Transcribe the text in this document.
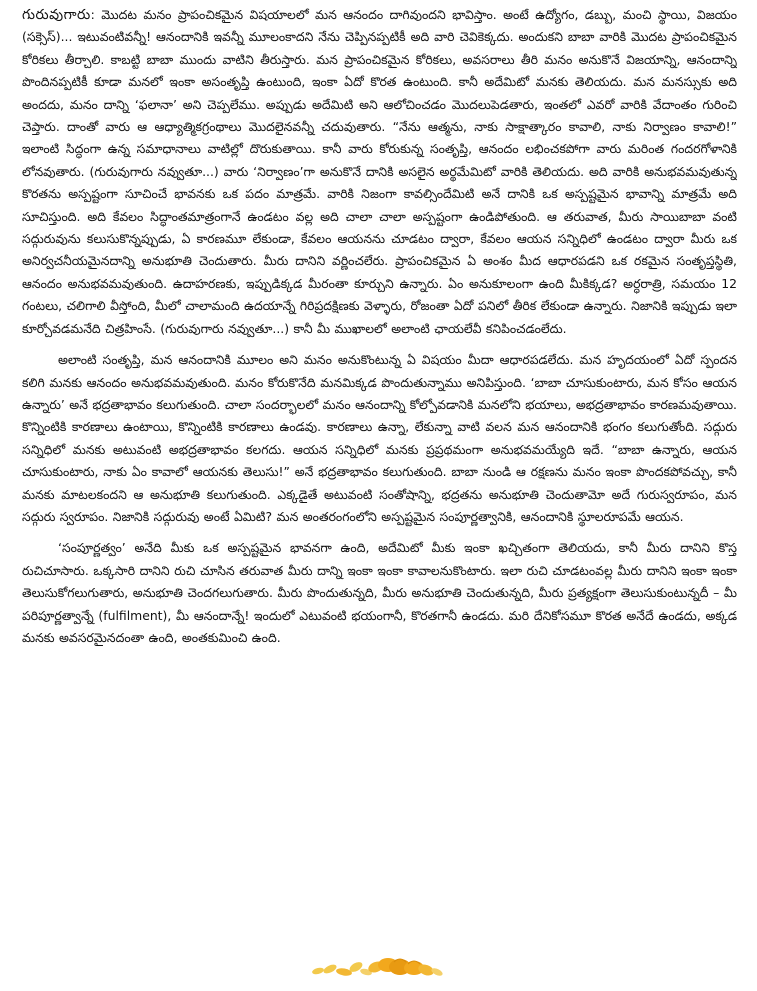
గురువుగారు: మొదట మనం ప్రాపంచికమైన విషయాలలో మన ఆనందం దాగివుందని భావిస్తాం. అంటే ఉద్యోగం, డబ్బు, మంచి స్థాయి, విజయం (సక్సెస్)... ఇటువంటివన్నీ! ఆనందానికి ఇవన్నీ మూలంకాదని నేను చెప్పినప్పటికీ అది వారి చెవికెక్కదు. అందుకని బాబా వారికి మొదట ప్రాపంచికమైన కోరికలు తీర్చాలి. కాబట్టి బాబా ముందు వాటిని తీరుస్తారు. మన ప్రాపంచికమైన కోరికలు, అవసరాలు తీరి మనం అనుకొనే విజయాన్ని, ఆనందాన్ని పొందినప్పటికీ కూడా మనలో ఇంకా అసంతృప్తి ఉంటుంది, ఇంకా ఏదో కొరత ఉంటుంది. కానీ అదేమిటో మనకు తెలియదు. మన మనస్సుకు అది అందదు, మనం దాన్ని ‘ఫలానా’ అని చెప్పలేము. అప్పుడు అదేమిటి అని ఆలోచించడం మొదలుపెడతారు, ఇంతలో ఎవరో వారికి వేదాంతం గురించి చెప్తారు. దాంతో వారు ఆ ఆధ్యాత్మికగ్రంథాలు మొదలైనవన్నీ చదువుతారు. “నేను ఆత్మను, నాకు సాక్షాత్కారం కావాలి, నాకు నిర్వాణం కావాలి!” ఇలాంటి సిద్ధంగా ఉన్న సమాధానాలు వాటిల్లో దొరుకుతాయి. కానీ వారు కోరుకున్న సంతృప్తి, ఆనందం లభించకపోగా వారు మరింత గందరగోళానికి లోనవుతారు. (గురువుగారు నవ్వుతూ...) వారు ‘నిర్వాణం’గా అనుకొనే దానికి అసలైన అర్థమేమిటో వారికి తెలియదు. అది వారికి అనుభవమవుతున్న కొరతను అస్పష్టంగా సూచించే భావనకు ఒక పదం మాత్రమే. వారికి నిజంగా కావల్సిందేమిటి అనే దానికి ఒక అస్పష్టమైన భావాన్ని మాత్రమే అది సూచిస్తుంది. అది కేవలం సిద్ధాంతమాత్రంగానే ఉండటం వల్ల అది చాలా చాలా అస్పష్టంగా ఉండిపోతుంది. ఆ తరువాత, మీరు సాయిబాబా వంటి సద్గురువును కలుసుకొన్నప్పుడు, ఏ కారణమూ లేకుండా, కేవలం ఆయనను చూడటం ద్వారా, కేవలం ఆయన సన్నిధిలో ఉండటం ద్వారా మీరు ఒక అనిర్వచనీయమైనదాన్ని అనుభూతి చెందుతారు. మీరు దానిని వర్ణించలేరు. ప్రాపంచికమైన ఏ అంశం మీద ఆధారపడని ఒక రకమైన సంతృప్తస్థితి, ఆనందం అనుభవమవుతుంది. ఉదాహరణకు, ఇప్పుడిక్కడ మీరంతా కూర్చుని ఉన్నారు. ఏం అనుకూలంగా ఉంది మీకిక్కడ? అర్ధరాత్రి, సమయం 12 గంటలు, చలిగాలి వీస్తోంది, మీలో చాలామంది ఉదయాన్నే గిరిప్రదక్షిణకు వెళ్ళారు, రోజంతా ఏదో పనిలో తీరిక లేకుండా ఉన్నారు. నిజానికి ఇప్పుడు ఇలా కూర్చోవడమనేది చిత్రహింసే. (గురువుగారు నవ్వుతూ...) కానీ మీ ముఖాలలో అలాంటి ఛాయలేవీ కనిపించడంలేదు.

అలాంటి సంతృప్తి, మన ఆనందానికి మూలం అని మనం అనుకొంటున్న ఏ విషయం మీదా ఆధారపడలేదు. మన హృదయంలో ఏదో స్పందన కలిగి మనకు ఆనందం అనుభవమవుతుంది. మనం కోరుకొనేది మనమిక్కడ పొందుతున్నాము అనిపిస్తుంది. ‘బాబా చూసుకుంటారు, మన కోసం ఆయన ఉన్నారు’ అనే భద్రతాభావం కలుగుతుంది. చాలా సందర్భాలలో మనం ఆనందాన్ని కోల్పోవడానికి మనలోని భయాలు, అభద్రతాభావం కారణమవుతాయి. కొన్నింటికి కారణాలు ఉంటాయి, కొన్నింటికి కారణాలు ఉండవు. కారణాలు ఉన్నా, లేకున్నా వాటి వలన మన ఆనందానికి భంగం కలుగుతోంది. సద్గురు సన్నిధిలో మనకు అటువంటి అభద్రతాభావం కలగదు. ఆయన సన్నిధిలో మనకు ప్రప్రథమంగా అనుభవమయ్యేది ఇదే. “బాబా ఉన్నారు, ఆయన చూసుకుంటారు, నాకు ఏం కావాలో ఆయనకు తెలుసు!” అనే భద్రతాభావం కలుగుతుంది. బాబా నుండి ఆ రక్షణను మనం ఇంకా పొందకపోవచ్చు, కానీ మనకు మాటలకందని ఆ అనుభూతి కలుగుతుంది. ఎక్కడైతే అటువంటి సంతోషాన్ని, భద్రతను అనుభూతి చెందుతామో అదే గురుస్వరూపం, మన సద్గురు స్వరూపం. నిజానికి సద్గురువు అంటే ఏమిటి? మన అంతరంగంలోని అస్పష్టమైన సంపూర్ణత్వానికి, ఆనందానికి స్థూలరూపమే ఆయన.

‘సంపూర్ణత్వం’ అనేది మీకు ఒక అస్పష్టమైన భావనగా ఉంది, అదేమిటో మీకు ఇంకా ఖచ్చితంగా తెలియదు, కానీ మీరు దానిని కొస్త రుచిచూసారు. ఒక్కసారి దానిని రుచి చూసిన తరువాత మీరు దాన్ని ఇంకా ఇంకా కావాలనుకొంటారు. ఇలా రుచి చూడటంవల్ల మీరు దానిని ఇంకా ఇంకా తెలుసుకోగలుగుతారు, అనుభూతి చెందగలుగుతారు. మీరు పొందుతున్నది, మీరు అనుభూతి చెందుతున్నది, మీరు ప్రత్యక్షంగా తెలుసుకుంటున్నదీ – మీ పరిపూర్ణత్వాన్నే (fulfilment), మీ ఆనందాన్నే! ఇందులో ఎటువంటి భయంగానీ, కొరతగానీ ఉండదు. మరి దేనికోసమూ కొరత అనేదే ఉండదు, అక్కడ మనకు అవసరమైనదంతా ఉంది, అంతకుమించి ఉంది.
